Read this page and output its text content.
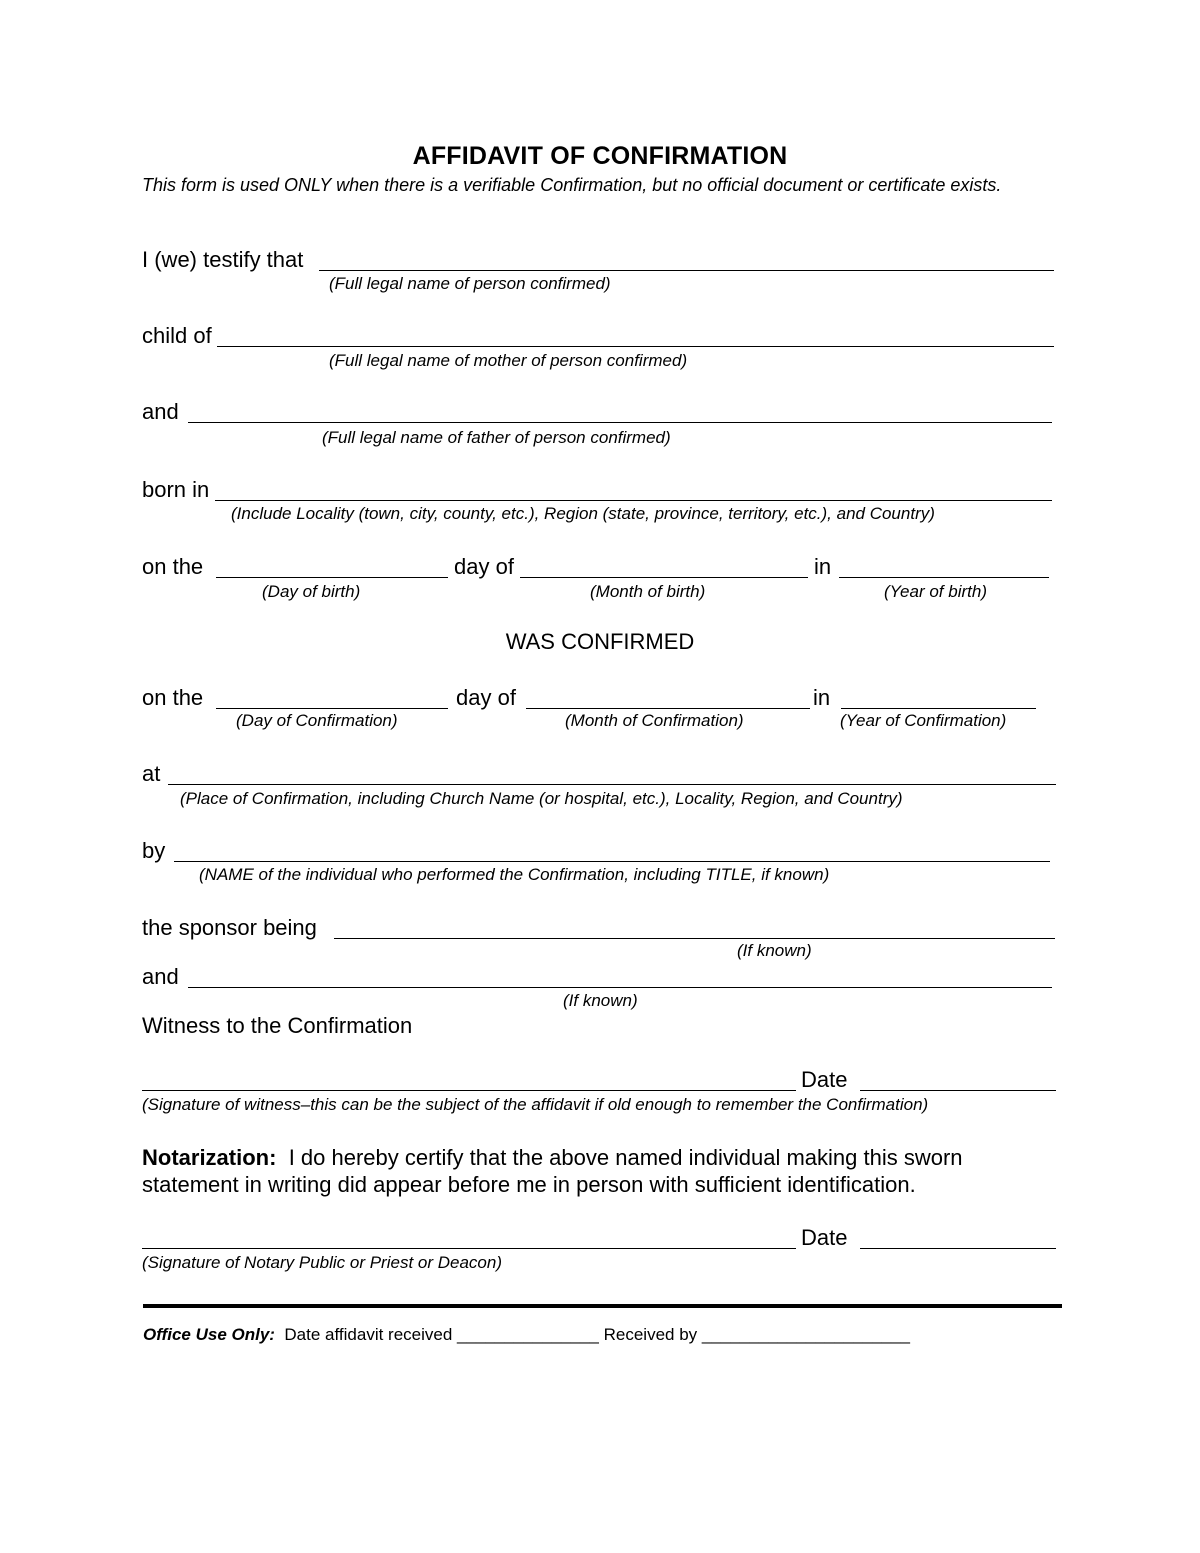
AFFIDAVIT OF CONFIRMATION
This form is used ONLY when there is a verifiable Confirmation, but no official document or certificate exists.
I (we) testify that
(Full legal name of person confirmed)
child of
(Full legal name of mother of person confirmed)
and
(Full legal name of father of person confirmed)
born in
(Include Locality (town, city, county, etc.), Region (state, province, territory, etc.), and Country)
on the	day of	in
(Day of birth)	(Month of birth)	(Year of birth)
WAS CONFIRMED
on the	day of	in
(Day of Confirmation)	(Month of Confirmation)	(Year of Confirmation)
at
(Place of Confirmation, including Church Name (or hospital, etc.), Locality, Region, and Country)
by
(NAME of the individual who performed the Confirmation, including TITLE, if known)
the sponsor being
(If known)
and
(If known)
Witness to the Confirmation
Date
(Signature of witness–this can be the subject of the affidavit if old enough to remember the Confirmation)
Notarization: I do hereby certify that the above named individual making this sworn statement in writing did appear before me in person with sufficient identification.
Date
(Signature of Notary Public or Priest or Deacon)
Office Use Only: Date affidavit received _______________ Received by ______________________
